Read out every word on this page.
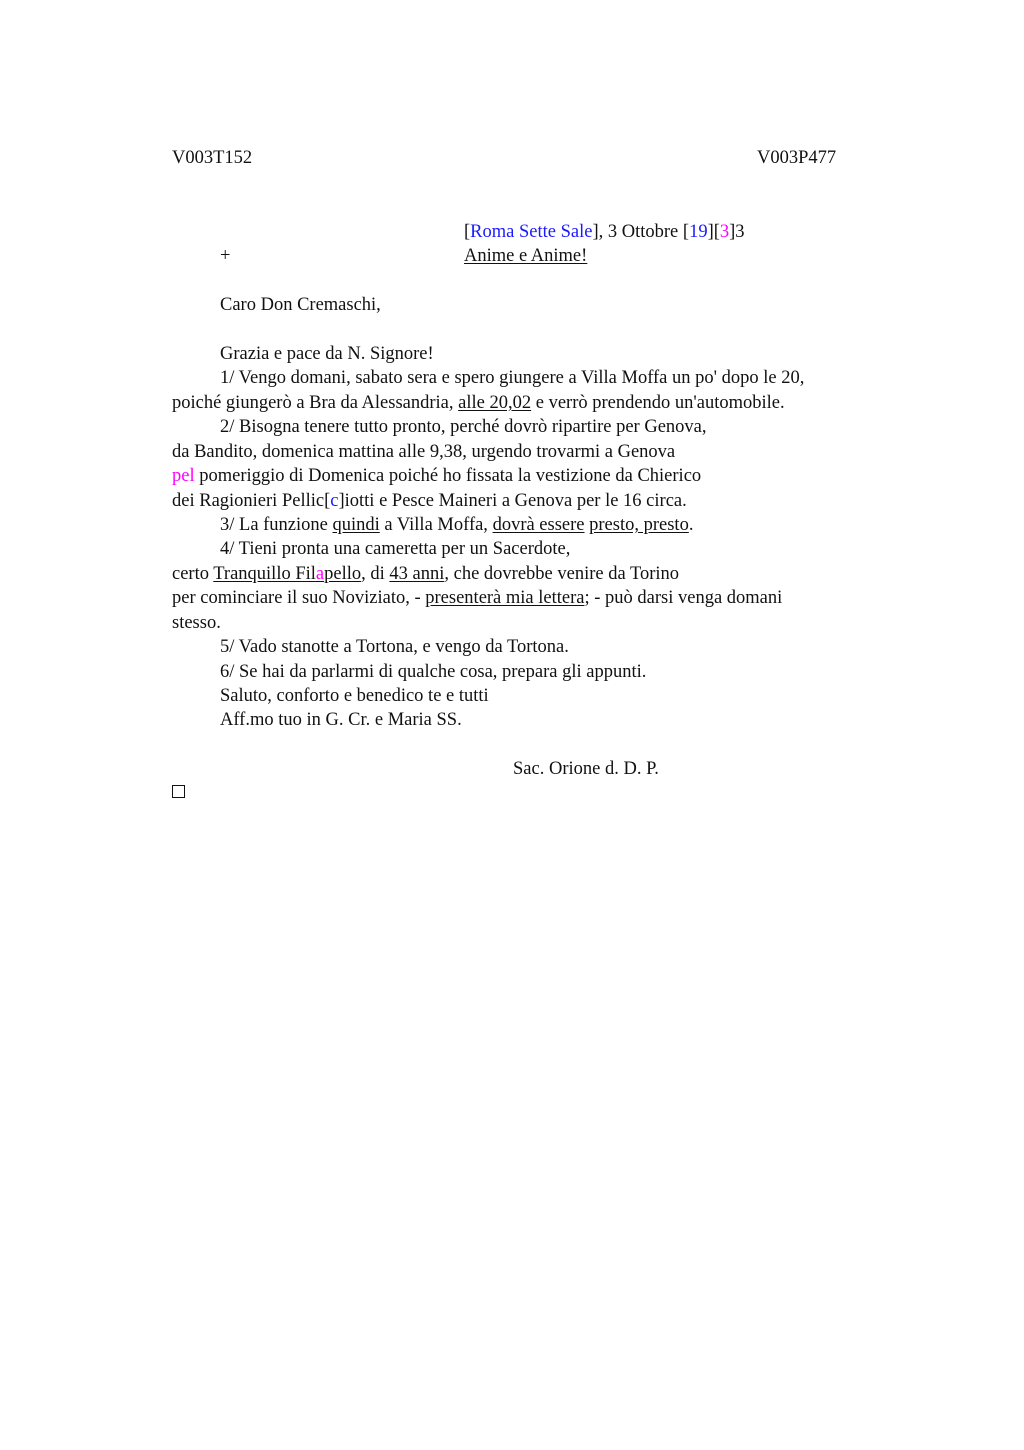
V003T152	V003P477
[Roma Sette Sale], 3 Ottobre [19][3]3
+	Anime e Anime!
Caro Don Cremaschi,
Grazia e pace da N. Signore!
1/ Vengo domani, sabato sera e spero giungere a Villa Moffa un po' dopo le 20,
poiché giungerò a Bra da Alessandria, alle 20,02 e verrò prendendo un'automobile.
2/ Bisogna tenere tutto pronto, perché dovrò ripartire per Genova,
da Bandito, domenica mattina alle 9,38, urgendo trovarmi a Genova
pel pomeriggio di Domenica poiché ho fissata la vestizione da Chierico
dei Ragionieri Pellic[c]iotti e Pesce Maineri a Genova per le 16 circa.
3/ La funzione quindi a Villa Moffa, dovrà essere presto, presto.
4/ Tieni pronta una cameretta per un Sacerdote,
certo Tranquillo Filapello, di 43 anni, che dovrebbe venire da Torino
per cominciare il suo Noviziato, - presenterà mia lettera; - può darsi venga domani
stesso.
5/ Vado stanotte a Tortona, e vengo da Tortona.
6/ Se hai da parlarmi di qualche cosa, prepara gli appunti.
Saluto, conforto e benedico te e tutti
Aff.mo tuo in G. Cr. e Maria SS.
Sac. Orione d. D. P.
